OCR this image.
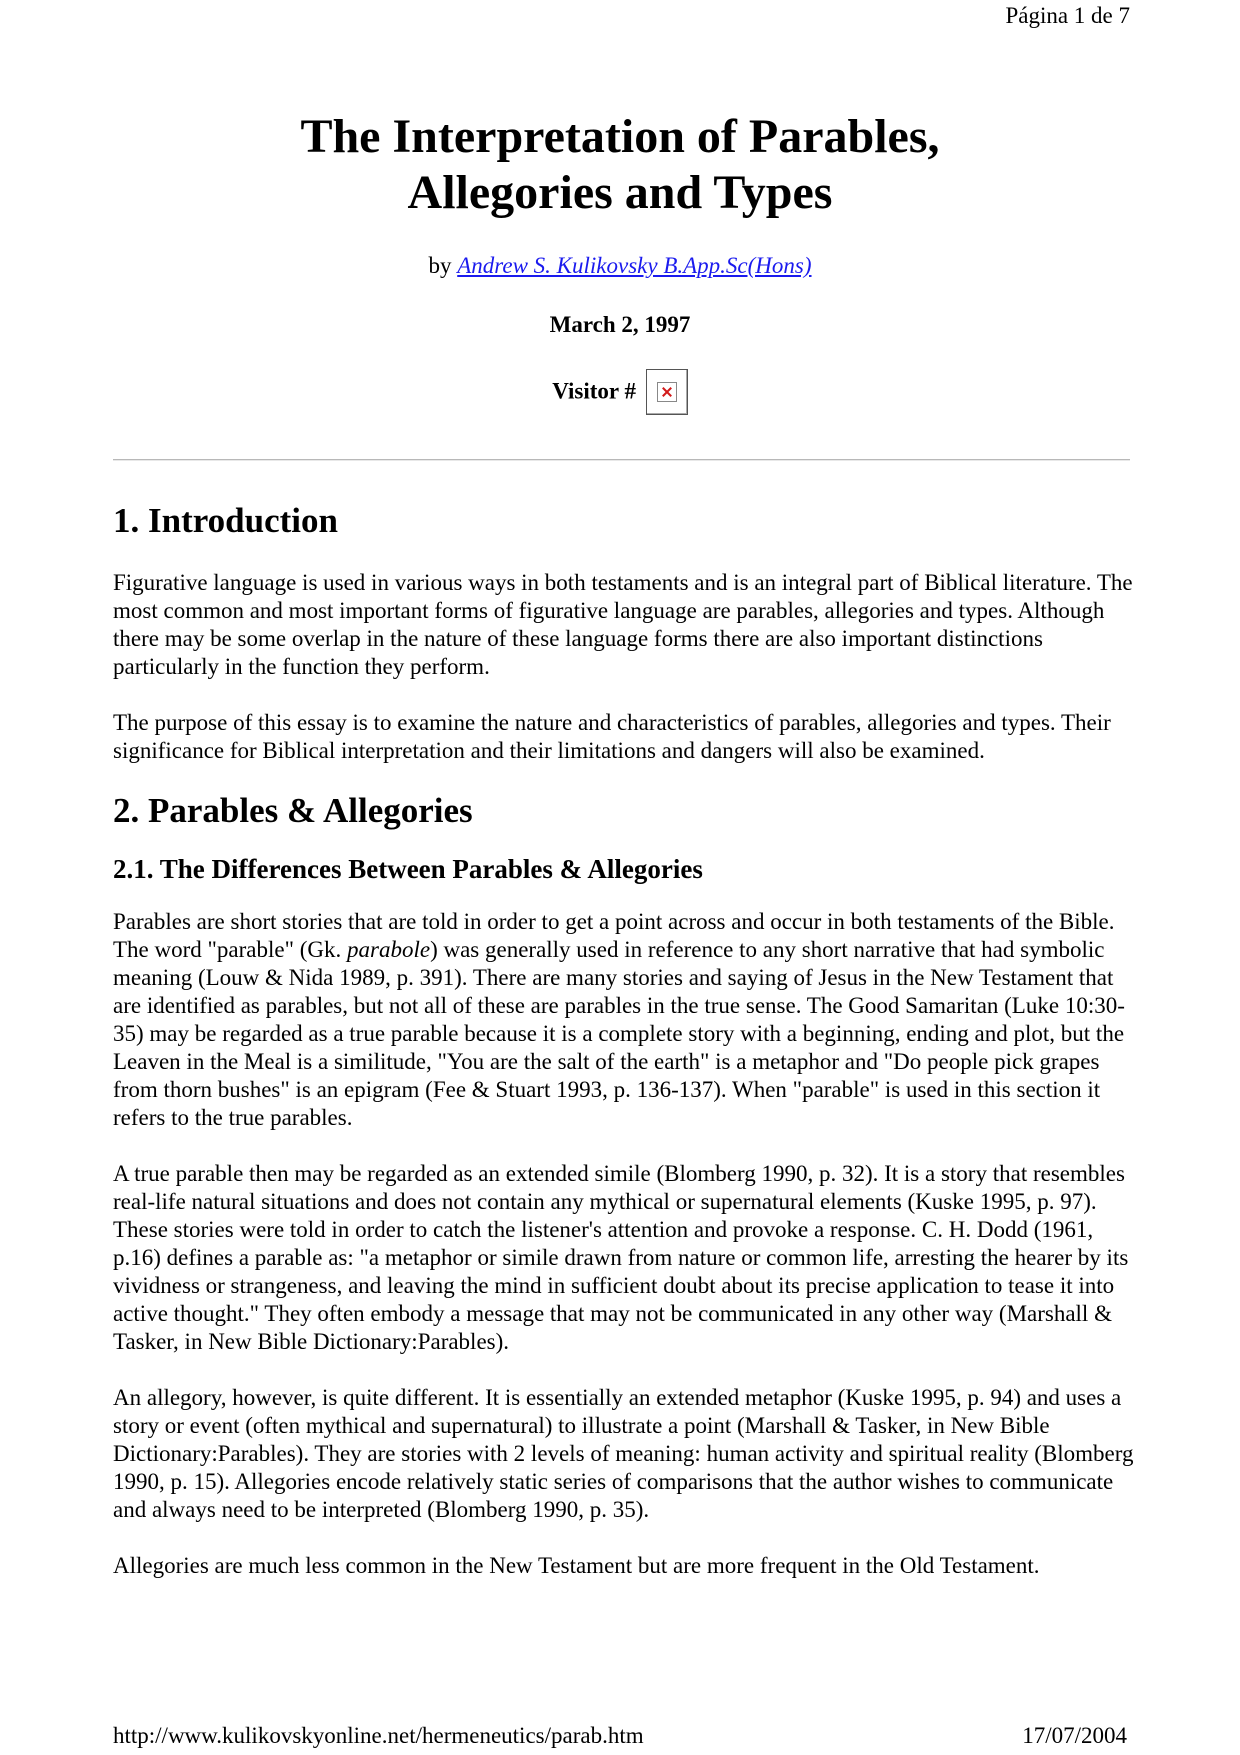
Página 1 de 7
The Interpretation of Parables,
Allegories and Types
by Andrew S. Kulikovsky B.App.Sc(Hons)
March 2, 1997
Visitor #
1. Introduction

Figurative language is used in various ways in both testaments and is an integral part of Biblical literature. The most common and most important forms of figurative language are parables, allegories and types. Although there may be some overlap in the nature of these language forms there are also important distinctions particularly in the function they perform.

The purpose of this essay is to examine the nature and characteristics of parables, allegories and types. Their significance for Biblical interpretation and their limitations and dangers will also be examined.

2. Parables & Allegories
2.1. The Differences Between Parables & Allegories

Parables are short stories that are told in order to get a point across and occur in both testaments of the Bible. The word "parable" (Gk. parabole) was generally used in reference to any short narrative that had symbolic meaning (Louw & Nida 1989, p. 391). There are many stories and saying of Jesus in the New Testament that are identified as parables, but not all of these are parables in the true sense. The Good Samaritan (Luke 10:30-35) may be regarded as a true parable because it is a complete story with a beginning, ending and plot, but the Leaven in the Meal is a similitude, "You are the salt of the earth" is a metaphor and "Do people pick grapes from thorn bushes" is an epigram (Fee & Stuart 1993, p. 136-137). When "parable" is used in this section it refers to the true parables.

A true parable then may be regarded as an extended simile (Blomberg 1990, p. 32). It is a story that resembles real-life natural situations and does not contain any mythical or supernatural elements (Kuske 1995, p. 97). These stories were told in order to catch the listener's attention and provoke a response. C. H. Dodd (1961, p.16) defines a parable as: "a metaphor or simile drawn from nature or common life, arresting the hearer by its vividness or strangeness, and leaving the mind in sufficient doubt about its precise application to tease it into active thought." They often embody a message that may not be communicated in any other way (Marshall & Tasker, in New Bible Dictionary:Parables).

An allegory, however, is quite different. It is essentially an extended metaphor (Kuske 1995, p. 94) and uses a story or event (often mythical and supernatural) to illustrate a point (Marshall & Tasker, in New Bible Dictionary:Parables). They are stories with 2 levels of meaning: human activity and spiritual reality (Blomberg 1990, p. 15). Allegories encode relatively static series of comparisons that the author wishes to communicate and always need to be interpreted (Blomberg 1990, p. 35).

Allegories are much less common in the New Testament but are more frequent in the Old Testament.

http://www.kulikovskyonline.net/hermeneutics/parab.htm	17/07/2004
